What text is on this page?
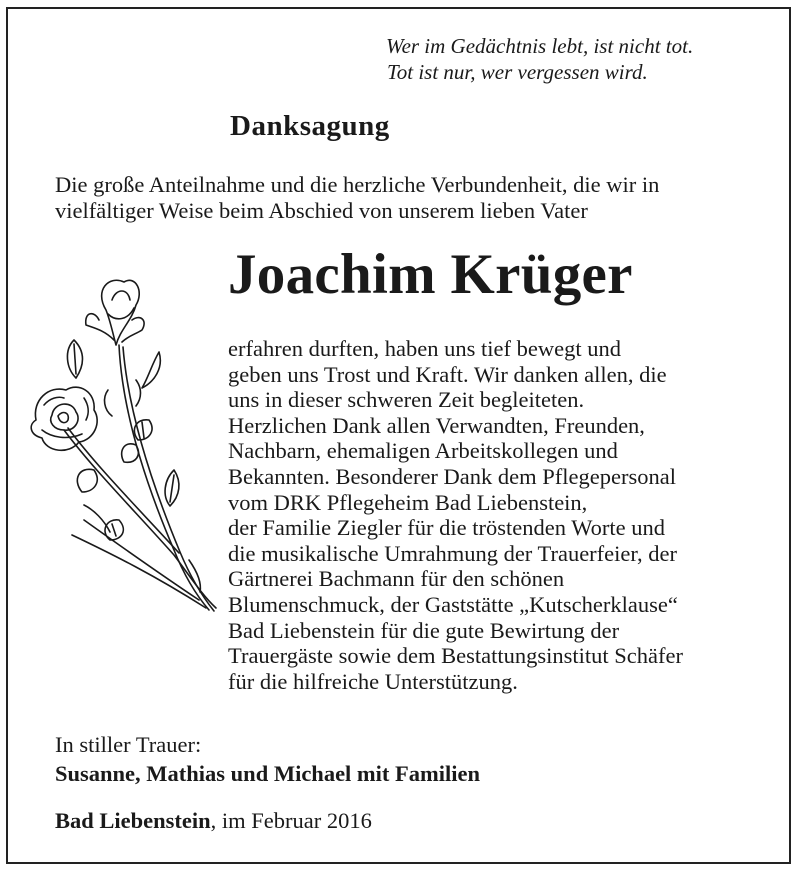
Wer im Gedächtnis lebt, ist nicht tot.
Tot ist nur, wer vergessen wird.
Danksagung
Die große Anteilnahme und die herzliche Verbundenheit, die wir in vielfältiger Weise beim Abschied von unserem lieben Vater
Joachim Krüger
erfahren durften, haben uns tief bewegt und
geben uns Trost und Kraft. Wir danken allen, die
uns in dieser schweren Zeit begleiteten.
Herzlichen Dank allen Verwandten, Freunden,
Nachbarn, ehemaligen Arbeitskollegen und
Bekannten. Besonderer Dank dem Pflegepersonal
vom DRK Pflegeheim Bad Liebenstein,
der Familie Ziegler für die tröstenden Worte und
die musikalische Umrahmung der Trauerfeier, der
Gärtnerei Bachmann für den schönen
Blumenschmuck, der Gaststätte „Kutscherklause“
Bad Liebenstein für die gute Bewirtung der
Trauergäste sowie dem Bestattungsinstitut Schäfer
für die hilfreiche Unterstützung.
In stiller Trauer:
Susanne, Mathias und Michael mit Familien
Bad Liebenstein, im Februar 2016
